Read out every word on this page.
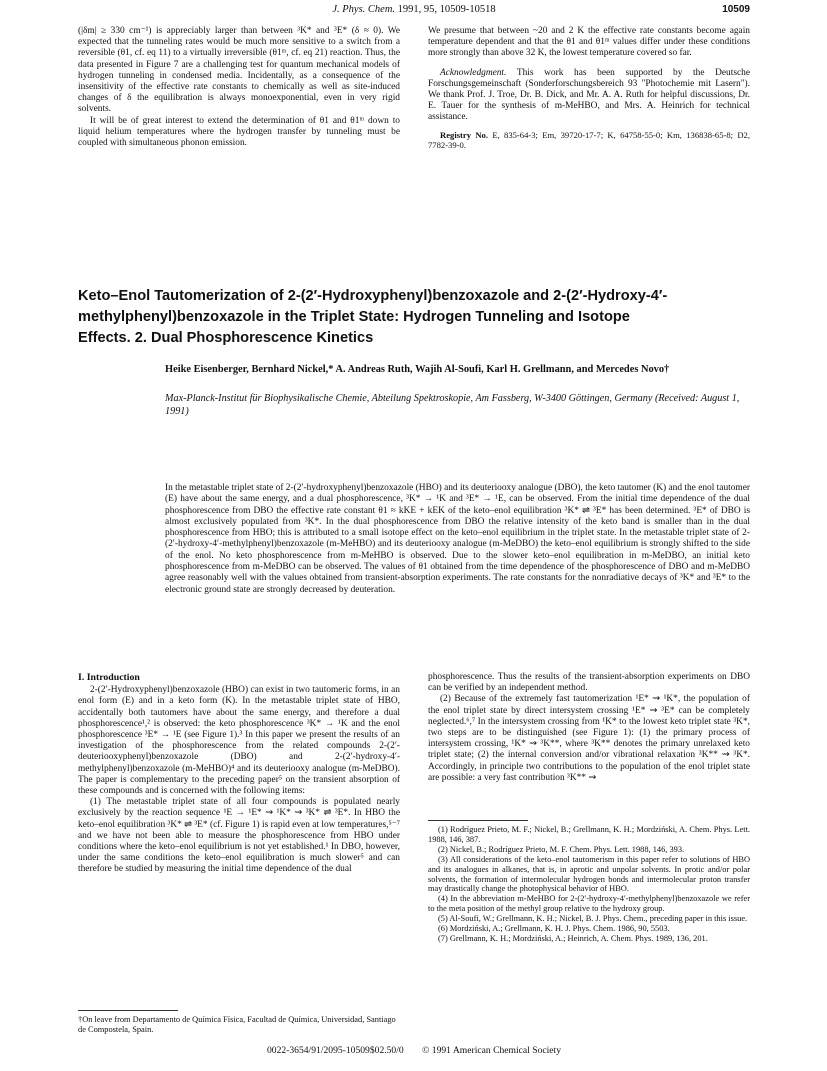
J. Phys. Chem. 1991, 95, 10509-10518	10509

(|δm| ≥ 330 cm⁻¹) is appreciably larger than between ³K* and ³E* (δ ≈ 0). We expected that the tunneling rates would be much more sensitive to a switch from a reversible (θ1, cf. eq 11) to a virtually irreversible (θ1ᵐ, cf. eq 21) reaction. Thus, the data presented in Figure 7 are a challenging test for quantum mechanical models of hydrogen tunneling in condensed media. Incidentally, as a consequence of the insensitivity of the effective rate constants to chemically as well as site-induced changes of δ the equilibration is always monoexponential, even in very rigid solvents.

It will be of great interest to extend the determination of θ1 and θ1ᵐ down to liquid helium temperatures where the hydrogen transfer by tunneling must be coupled with simultaneous phonon emission.

We presume that between ~20 and 2 K the effective rate constants become again temperature dependent and that the θ1 and θ1ᵐ values differ under these conditions more strongly than above 32 K, the lowest temperature covered so far.

Acknowledgment. This work has been supported by the Deutsche Forschungsgemeinschaft (Sonderforschungsbereich 93 "Photochemie mit Lasern"). We thank Prof. J. Troe, Dr. B. Dick, and Mr. A. A. Ruth for helpful discussions, Dr. E. Tauer for the synthesis of m-MeHBO, and Mrs. A. Heinrich for technical assistance.

Registry No. E, 835-64-3; Em, 39720-17-7; K, 64758-55-0; Km, 136838-65-8; D2, 7782-39-0.

Keto–Enol Tautomerization of 2-(2′-Hydroxyphenyl)benzoxazole and 2-(2′-Hydroxy-4′-methylphenyl)benzoxazole in the Triplet State: Hydrogen Tunneling and Isotope Effects. 2. Dual Phosphorescence Kinetics
Heike Eisenberger, Bernhard Nickel,* A. Andreas Ruth, Wajih Al-Soufi, Karl H. Grellmann, and Mercedes Novo†
Max-Planck-Institut für Biophysikalische Chemie, Abteilung Spektroskopie, Am Fassberg, W-3400 Göttingen, Germany (Received: August 1, 1991)
In the metastable triplet state of 2-(2′-hydroxyphenyl)benzoxazole (HBO) and its deuteriooxy analogue (DBO), the keto tautomer (K) and the enol tautomer (E) have about the same energy, and a dual phosphorescence, ³K* → ¹K and ³E* → ¹E, can be observed. From the initial time dependence of the dual phosphorescence from DBO the effective rate constant θ1 ≈ kKE + kEK of the keto–enol equilibration ³K* ⇌ ³E* has been determined. ³E* of DBO is almost exclusively populated from ³K*. In the dual phosphorescence from DBO the relative intensity of the keto band is smaller than in the dual phosphorescence from HBO; this is attributed to a small isotope effect on the keto–enol equilibrium in the triplet state. In the metastable triplet state of 2-(2′-hydroxy-4′-methylphenyl)benzoxazole (m-MeHBO) and its deuteriooxy analogue (m-MeDBO) the keto–enol equilibrium is strongly shifted to the side of the enol. No keto phosphorescence from m-MeHBO is observed. Due to the slower keto–enol equilibration in m-MeDBO, an initial keto phosphorescence from m-MeDBO can be observed. The values of θ1 obtained from the time dependence of the phosphorescence of DBO and m-MeDBO agree reasonably well with the values obtained from transient-absorption experiments. The rate constants for the nonradiative decays of ³K* and ³E* to the electronic ground state are strongly decreased by deuteration.
I. Introduction

2-(2′-Hydroxyphenyl)benzoxazole (HBO) can exist in two tautomeric forms, in an enol form (E) and in a keto form (K). In the metastable triplet state of HBO, accidentally both tautomers have about the same energy, and therefore a dual phosphorescence¹,² is observed: the keto phosphorescence ³K* → ¹K and the enol phosphorescence ³E* → ¹E (see Figure 1).³ In this paper we present the results of an investigation of the phosphorescence from the related compounds 2-(2′-deuteriooxyphenyl)benzoxazole (DBO) and 2-(2′-hydroxy-4′-methylphenyl)benzoxazole (m-MeHBO)⁴ and its deuteriooxy analogue (m-MeDBO). The paper is complementary to the preceding paper⁵ on the transient absorption of these compounds and is concerned with the following items:

(1) The metastable triplet state of all four compounds is populated nearly exclusively by the reaction sequence ¹E → ¹E* ⇝ ¹K* ⇝ ³K* ⇌ ³E*. In HBO the keto–enol equilibration ³K* ⇌ ³E* (cf. Figure 1) is rapid even at low temperatures,⁵⁻⁷ and we have not been able to measure the phosphorescence from HBO under conditions where the keto–enol equilibrium is not yet established.¹ In DBO, however, under the same conditions the keto–enol equilibration is much slower⁵ and can therefore be studied by measuring the initial time dependence of the dual

phosphorescence. Thus the results of the transient-absorption experiments on DBO can be verified by an independent method.

(2) Because of the extremely fast tautomerization ¹E* ⇝ ¹K*, the population of the enol triplet state by direct intersystem crossing ¹E* ⇝ ³E* can be completely neglected.⁶,⁷ In the intersystem crossing from ¹K* to the lowest keto triplet state ³K*, two steps are to be distinguished (see Figure 1): (1) the primary process of intersystem crossing, ¹K* ⇝ ³K**, where ³K** denotes the primary unrelaxed keto triplet state; (2) the internal conversion and/or vibrational relaxation ³K** ⇝ ³K*. Accordingly, in principle two contributions to the population of the enol triplet state are possible: a very fast contribution ³K** ⇝

(1) Rodríguez Prieto, M. F.; Nickel, B.; Grellmann, K. H.; Mordziński, A. Chem. Phys. Lett. 1988, 146, 387.

(2) Nickel, B.; Rodríguez Prieto, M. F. Chem. Phys. Lett. 1988, 146, 393.

(3) All considerations of the keto–enol tautomerism in this paper refer to solutions of HBO and its analogues in alkanes, that is, in aprotic and unpolar solvents. In protic and/or polar solvents, the formation of intermolecular hydrogen bonds and intermolecular proton transfer may drastically change the photophysical behavior of HBO.

(4) In the abbreviation m-MeHBO for 2-(2′-hydroxy-4′-methylphenyl)benzoxazole we refer to the meta position of the methyl group relative to the hydroxy group.

(5) Al-Soufi, W.; Grellmann, K. H.; Nickel, B. J. Phys. Chem., preceding paper in this issue.

(6) Mordziński, A.; Grellmann, K. H. J. Phys. Chem. 1986, 90, 5503.

(7) Grellmann, K. H.; Mordziński, A.; Heinrich, A. Chem. Phys. 1989, 136, 201.

†On leave from Departamento de Química Física, Facultad de Química, Universidad, Santiago de Compostela, Spain.
0022-3654/91/2095-10509$02.50/0 © 1991 American Chemical Society
